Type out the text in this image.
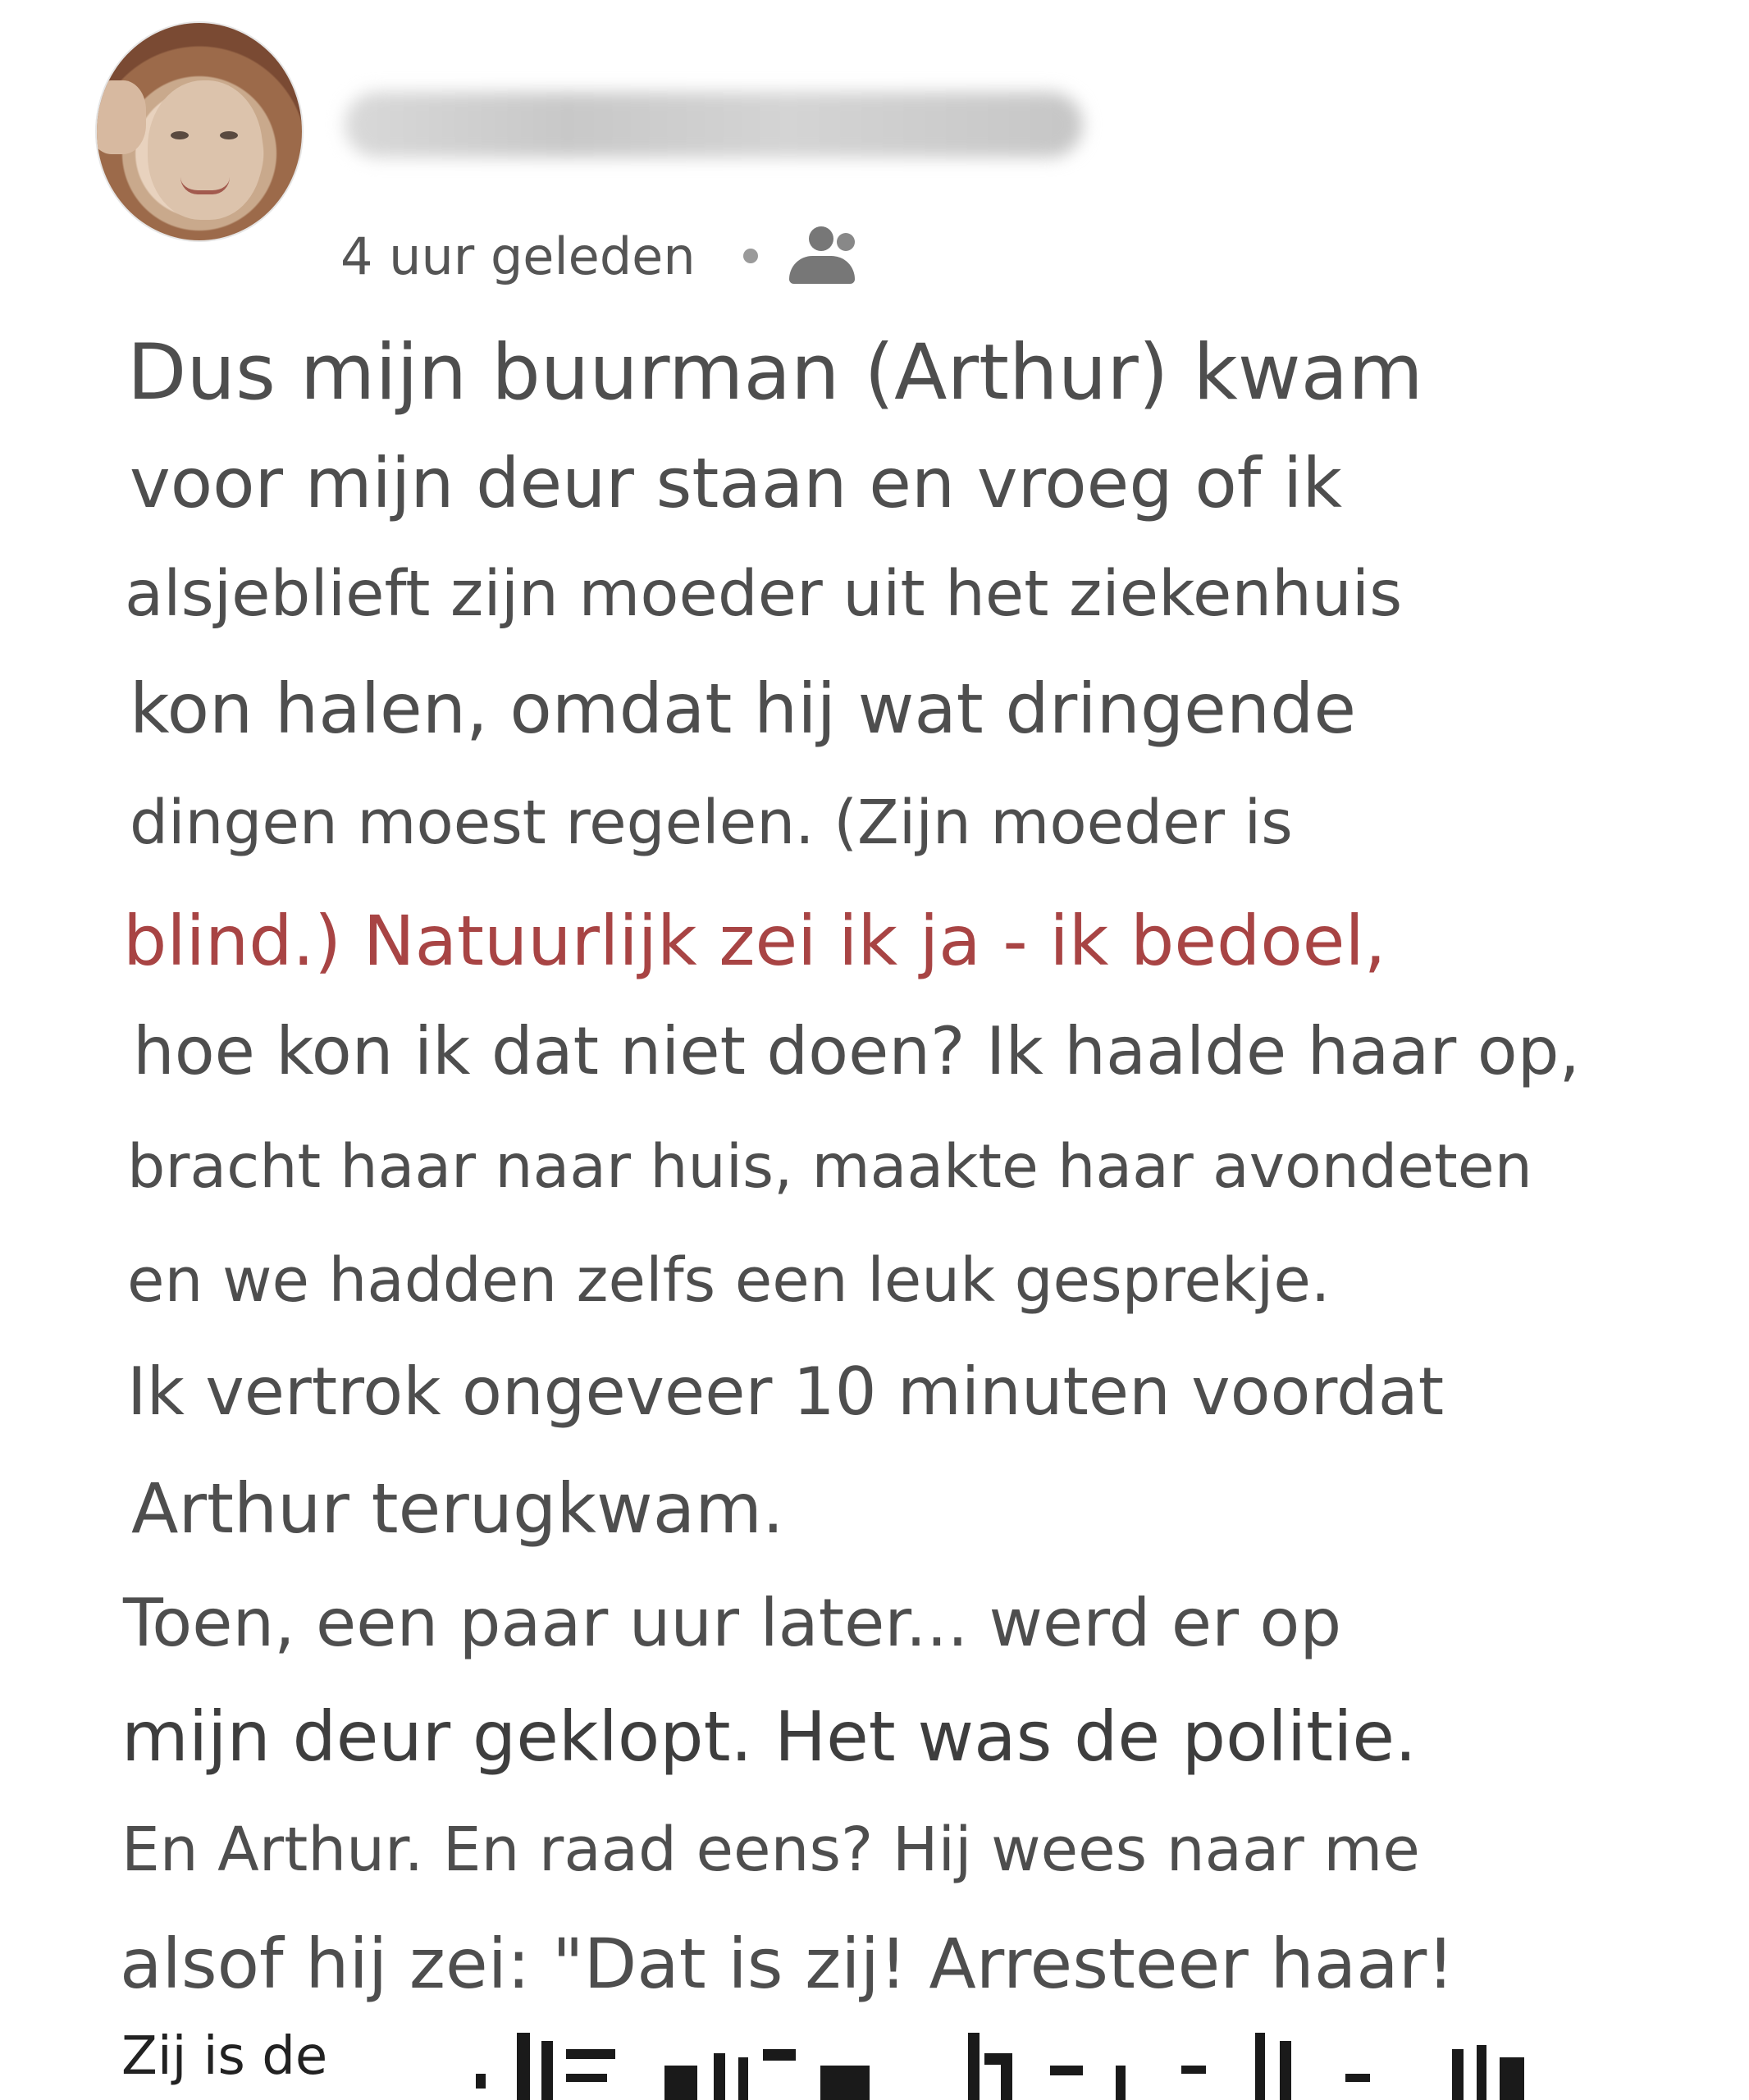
4 uur geleden
Dus mijn buurman (Arthur) kwam
voor mijn deur staan en vroeg of ik
alsjeblieft zijn moeder uit het ziekenhuis
kon halen, omdat hij wat dringende
dingen moest regelen. (Zijn moeder is
blind.) Natuurlijk zei ik ja - ik bedoel,
hoe kon ik dat niet doen? Ik haalde haar op,
bracht haar naar huis, maakte haar avondeten
en we hadden zelfs een leuk gesprekje.
Ik vertrok ongeveer 10 minuten voordat
Arthur terugkwam.
Toen, een paar uur later... werd er op
mijn deur geklopt. Het was de politie.
En Arthur. En raad eens? Hij wees naar me
alsof hij zei: "Dat is zij! Arresteer haar!
Zij is de
